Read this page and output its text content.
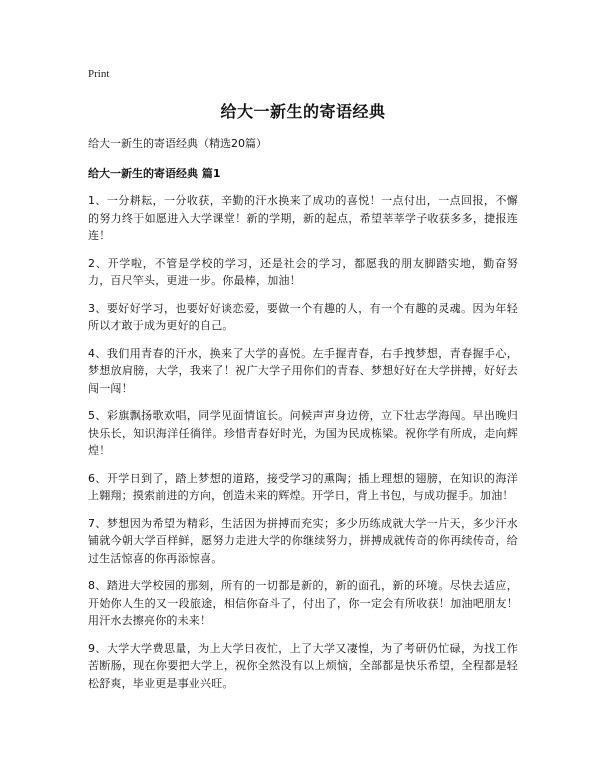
Print

给大一新生的寄语经典

给大一新生的寄语经典（精选20篇）

给大一新生的寄语经典 篇1

1、一分耕耘，一分收获，辛勤的汗水换来了成功的喜悦！一点付出，一点回报，不懈的努力终于如愿进入大学课堂！新的学期，新的起点，希望莘莘学子收获多多，捷报连连！

2、开学啦，不管是学校的学习，还是社会的学习，都愿我的朋友脚踏实地，勤奋努力，百尺竿头，更进一步。你最棒，加油！

3、要好好学习，也要好好谈恋爱，要做一个有趣的人，有一个有趣的灵魂。因为年轻所以才敢于成为更好的自己。

4、我们用青春的汗水，换来了大学的喜悦。左手握青春，右手拽梦想，青春握手心，梦想放肩膀，大学，我来了！祝广大学子用你们的青春、梦想好好在大学拼搏，好好去闯一闯！

5、彩旗飘扬歌欢唱，同学见面情谊长。问候声声身边傍，立下壮志学海闯。早出晚归快乐长，知识海洋任徜徉。珍惜青春好时光，为国为民成栋梁。祝你学有所成，走向辉煌！

6、开学日到了，踏上梦想的道路，接受学习的熏陶；插上理想的翅膀，在知识的海洋上翱翔；摸索前进的方向，创造未来的辉煌。开学日，背上书包，与成功握手。加油！

7、梦想因为希望为精彩，生活因为拼搏而充实；多少历练成就大学一片天，多少汗水铺就今朝大学百样鲜，愿努力走进大学的你继续努力，拼搏成就传奇的你再续传奇，给过生活惊喜的你再添惊喜。

8、踏进大学校园的那刻，所有的一切都是新的，新的面孔，新的环境。尽快去适应，开始你人生的又一段旅途，相信你奋斗了，付出了，你一定会有所收获！加油吧朋友！用汗水去擦亮你的未来！

9、大学大学费思量，为上大学日夜忙，上了大学又凄惶，为了考研仍忙碌，为找工作苦断肠，现在你要把大学上，祝你全然没有以上烦恼，全部都是快乐希望，全程都是轻松舒爽，毕业更是事业兴旺。
